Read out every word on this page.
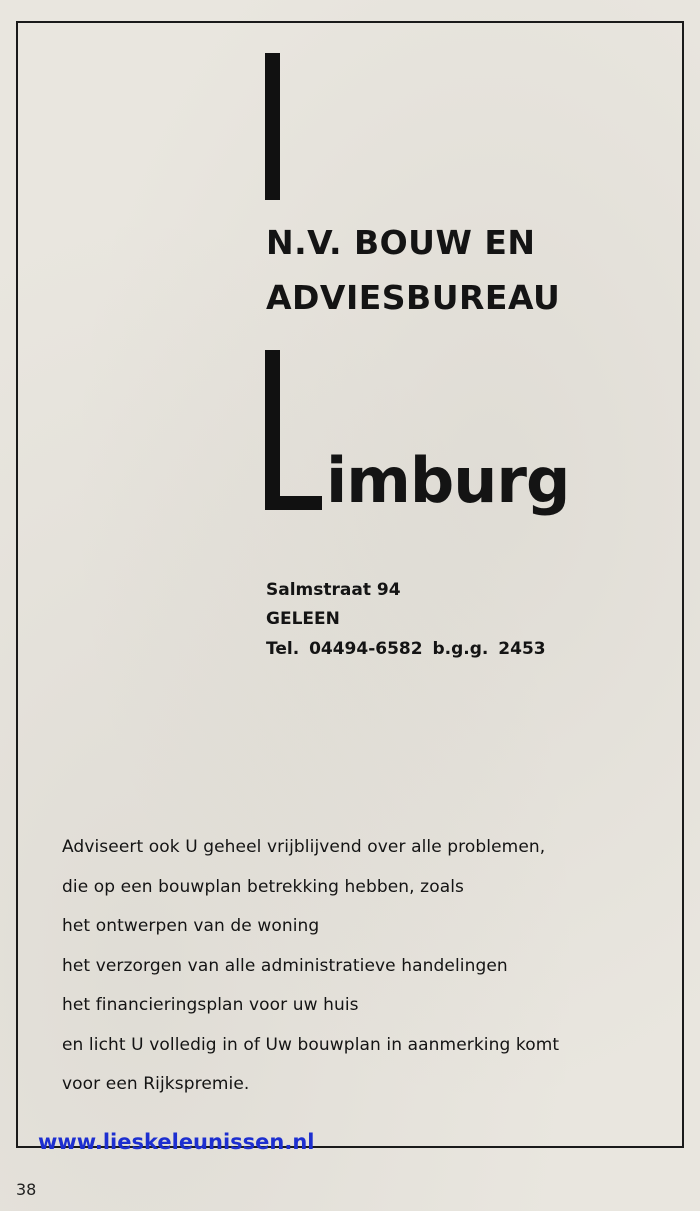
N.V. BOUW EN
ADVIESBUREAU
imburg
Salmstraat 94
GELEEN
Tel. 04494-6582 b.g.g. 2453
Adviseert ook U geheel vrijblijvend over alle problemen,
die op een bouwplan betrekking hebben, zoals
het ontwerpen van de woning
het verzorgen van alle administratieve handelingen
het financieringsplan voor uw huis
en licht U volledig in of Uw bouwplan in aanmerking komt
voor een Rijkspremie.
www.lieskeleunissen.nl
38
